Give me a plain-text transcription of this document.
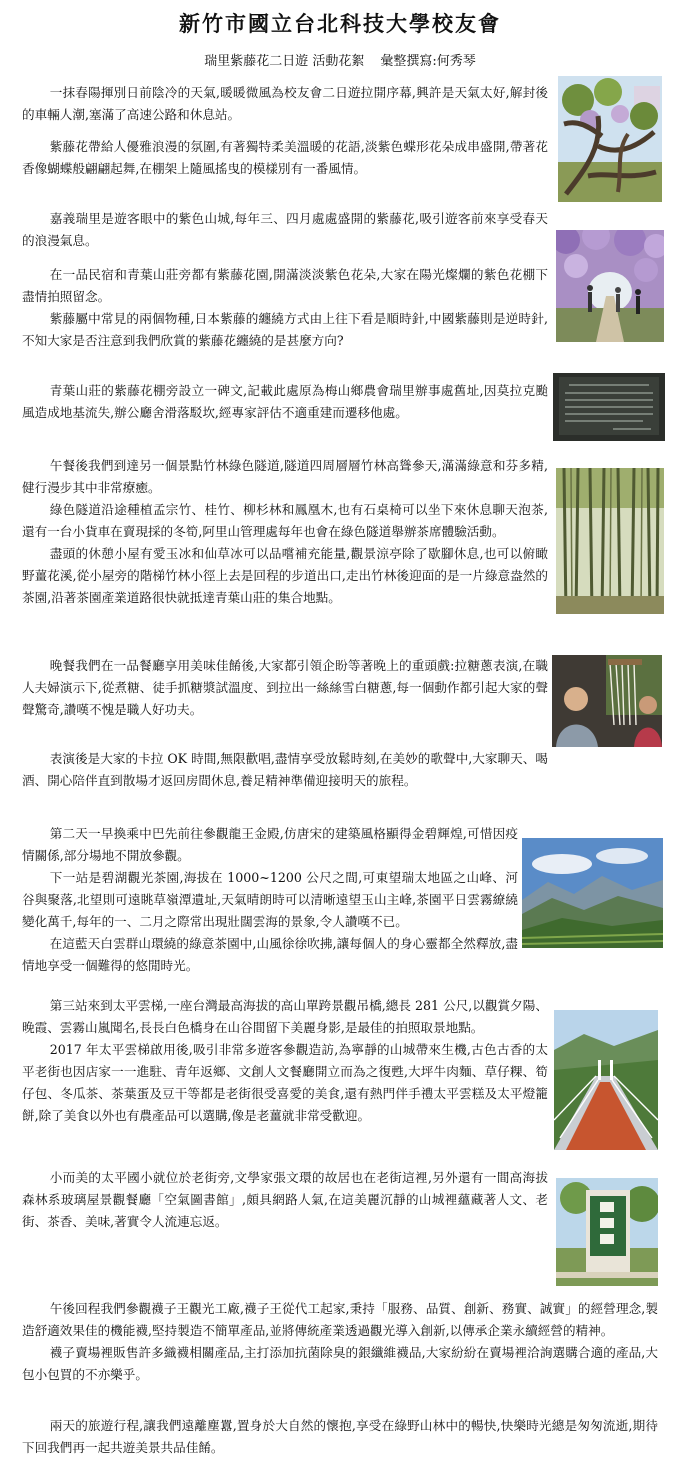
新竹市國立台北科技大學校友會
瑞里紫藤花二日遊 活動花絮 彙整撰寫:何秀琴

一抹春陽揮別日前陰冷的天氣,暖暖微風為校友會二日遊拉開序幕,興許是天氣太好,解封後的車輛人潮,塞滿了高速公路和休息站。

紫藤花帶給人優雅浪漫的氛圍,有著獨特柔美溫暖的花語,淡紫色蝶形花朵成串盛開,帶著花香像蝴蝶般翩翩起舞,在棚架上隨風搖曳的模樣別有一番風情。

嘉義瑞里是遊客眼中的紫色山城,每年三、四月處處盛開的紫藤花,吸引遊客前來享受春天的浪漫氣息。

在一品民宿和青葉山莊旁都有紫藤花園,開滿淡淡紫色花朵,大家在陽光燦爛的紫色花棚下盡情拍照留念。

紫藤屬中常見的兩個物種,日本紫藤的纏繞方式由上往下看是順時針,中國紫藤則是逆時針,不知大家是否注意到我們欣賞的紫藤花纏繞的是甚麼方向?

青葉山莊的紫藤花棚旁設立一碑文,記載此處原為梅山鄉農會瑞里辦事處舊址,因莫拉克颱風造成地基流失,辦公廳舍滑落駁坎,經專家評估不適重建而遷移他處。

午餐後我們到達另一個景點竹林綠色隧道,隧道四周層層竹林高聳參天,滿滿綠意和芬多精,健行漫步其中非常療癒。

綠色隧道沿途種植孟宗竹、桂竹、柳杉林和鳳凰木,也有石桌椅可以坐下來休息聊天泡茶,還有一台小貨車在賣現採的冬筍,阿里山管理處每年也會在綠色隧道舉辦茶席體驗活動。

盡頭的休憩小屋有愛玉冰和仙草冰可以品嚐補充能量,觀景涼亭除了歇腳休息,也可以俯瞰野薑花溪,從小屋旁的階梯竹林小徑上去是回程的步道出口,走出竹林後迎面的是一片綠意盎然的茶園,沿著茶園產業道路很快就抵達青葉山莊的集合地點。

晚餐我們在一品餐廳享用美味佳餚後,大家都引領企盼等著晚上的重頭戲:拉糖蔥表演,在職人夫婦演示下,從煮糖、徒手抓糖漿試溫度、到拉出一絲絲雪白糖蔥,每一個動作都引起大家的聲聲驚奇,讚嘆不愧是職人好功夫。

表演後是大家的卡拉 OK 時間,無限歡唱,盡情享受放鬆時刻,在美妙的歌聲中,大家聊天、喝酒、開心陪伴直到散場才返回房間休息,養足精神準備迎接明天的旅程。

第二天一早換乘中巴先前往參觀龍王金殿,仿唐宋的建築風格顯得金碧輝煌,可惜因疫情關係,部分場地不開放參觀。

下一站是碧湖觀光茶園,海拔在 1000~1200 公尺之間,可東望瑞太地區之山峰、河谷與聚落,北望則可遠眺草嶺潭遺址,天氣晴朗時可以清晰遠望玉山主峰,茶園平日雲霧繚繞變化萬千,每年的一、二月之際常出現壯闊雲海的景象,令人讚嘆不已。

在這藍天白雲群山環繞的綠意茶園中,山風徐徐吹拂,讓每個人的身心靈都全然釋放,盡情地享受一個難得的悠閒時光。

第三站來到太平雲梯,一座台灣最高海拔的高山單跨景觀吊橋,總長 281 公尺,以觀賞夕陽、晚霞、雲霧山嵐聞名,長長白色橋身在山谷間留下美麗身影,是最佳的拍照取景地點。

2017 年太平雲梯啟用後,吸引非常多遊客參觀造訪,為寧靜的山城帶來生機,古色古香的太平老街也因店家一一進駐、青年返鄉、文創人文餐廳開立而為之復甦,大坪牛肉麵、草仔粿、筍仔包、冬瓜茶、茶葉蛋及豆干等都是老街很受喜愛的美食,還有熱門伴手禮太平雲糕及太平燈籠餅,除了美食以外也有農產品可以選購,像是老薑就非常受歡迎。

小而美的太平國小就位於老街旁,文學家張文環的故居也在老街這裡,另外還有一間高海拔森林系玻璃屋景觀餐廳「空氣圖書館」,頗具網路人氣,在這美麗沉靜的山城裡蘊藏著人文、老街、茶香、美味,著實令人流連忘返。

午後回程我們參觀襪子王觀光工廠,襪子王從代工起家,秉持「服務、品質、創新、務實、誠實」的經營理念,製造舒適效果佳的機能襪,堅持製造不簡單產品,並將傳統產業透過觀光導入創新,以傳承企業永續經營的精神。

襪子賣場裡販售許多織襪相關產品,主打添加抗菌除臭的銀纖維襪品,大家紛紛在賣場裡洽詢選購合適的產品,大包小包買的不亦樂乎。

兩天的旅遊行程,讓我們遠離塵囂,置身於大自然的懷抱,享受在綠野山林中的暢快,快樂時光總是匆匆流逝,期待下回我們再一起共遊美景共品佳餚。
